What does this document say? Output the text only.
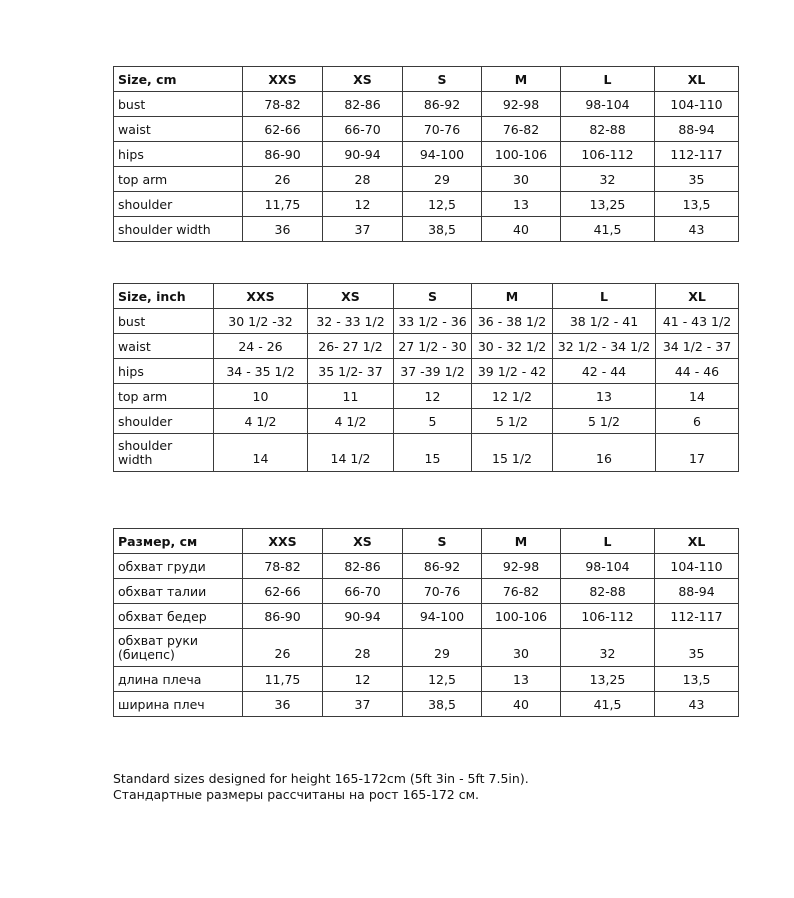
Size, cm	XXS	XS	S	M	L	XL
bust	78-82	82-86	86-92	92-98	98-104	104-110
waist	62-66	66-70	70-76	76-82	82-88	88-94
hips	86-90	90-94	94-100	100-106	106-112	112-117
top arm	26	28	29	30	32	35
shoulder	11,75	12	12,5	13	13,25	13,5
shoulder width	36	37	38,5	40	41,5	43
Size, inch	XXS	XS	S	M	L	XL
bust	30 1/2 -32	32 - 33 1/2	33 1/2 - 36	36 - 38 1/2	38 1/2 - 41	41 - 43 1/2
waist	24 - 26	26- 27 1/2	27 1/2 - 30	30 - 32 1/2	32 1/2 - 34 1/2	34 1/2 - 37
hips	34 - 35 1/2	35 1/2- 37	37 -39 1/2	39 1/2 - 42	42 - 44	44 - 46
top arm	10	11	12	12 1/2	13	14
shoulder	4 1/2	4 1/2	5	5 1/2	5 1/2	6
shoulder width	14	14 1/2	15	15 1/2	16	17
Размер, см	XXS	XS	S	M	L	XL
обхват груди	78-82	82-86	86-92	92-98	98-104	104-110
обхват талии	62-66	66-70	70-76	76-82	82-88	88-94
обхват бедер	86-90	90-94	94-100	100-106	106-112	112-117
обхват руки (бицепс)	26	28	29	30	32	35
длина плеча	11,75	12	12,5	13	13,25	13,5
ширина плеч	36	37	38,5	40	41,5	43

Standard sizes designed for height 165-172cm (5ft 3in - 5ft 7.5in).

Стандартные размеры рассчитаны на рост 165-172 см.
